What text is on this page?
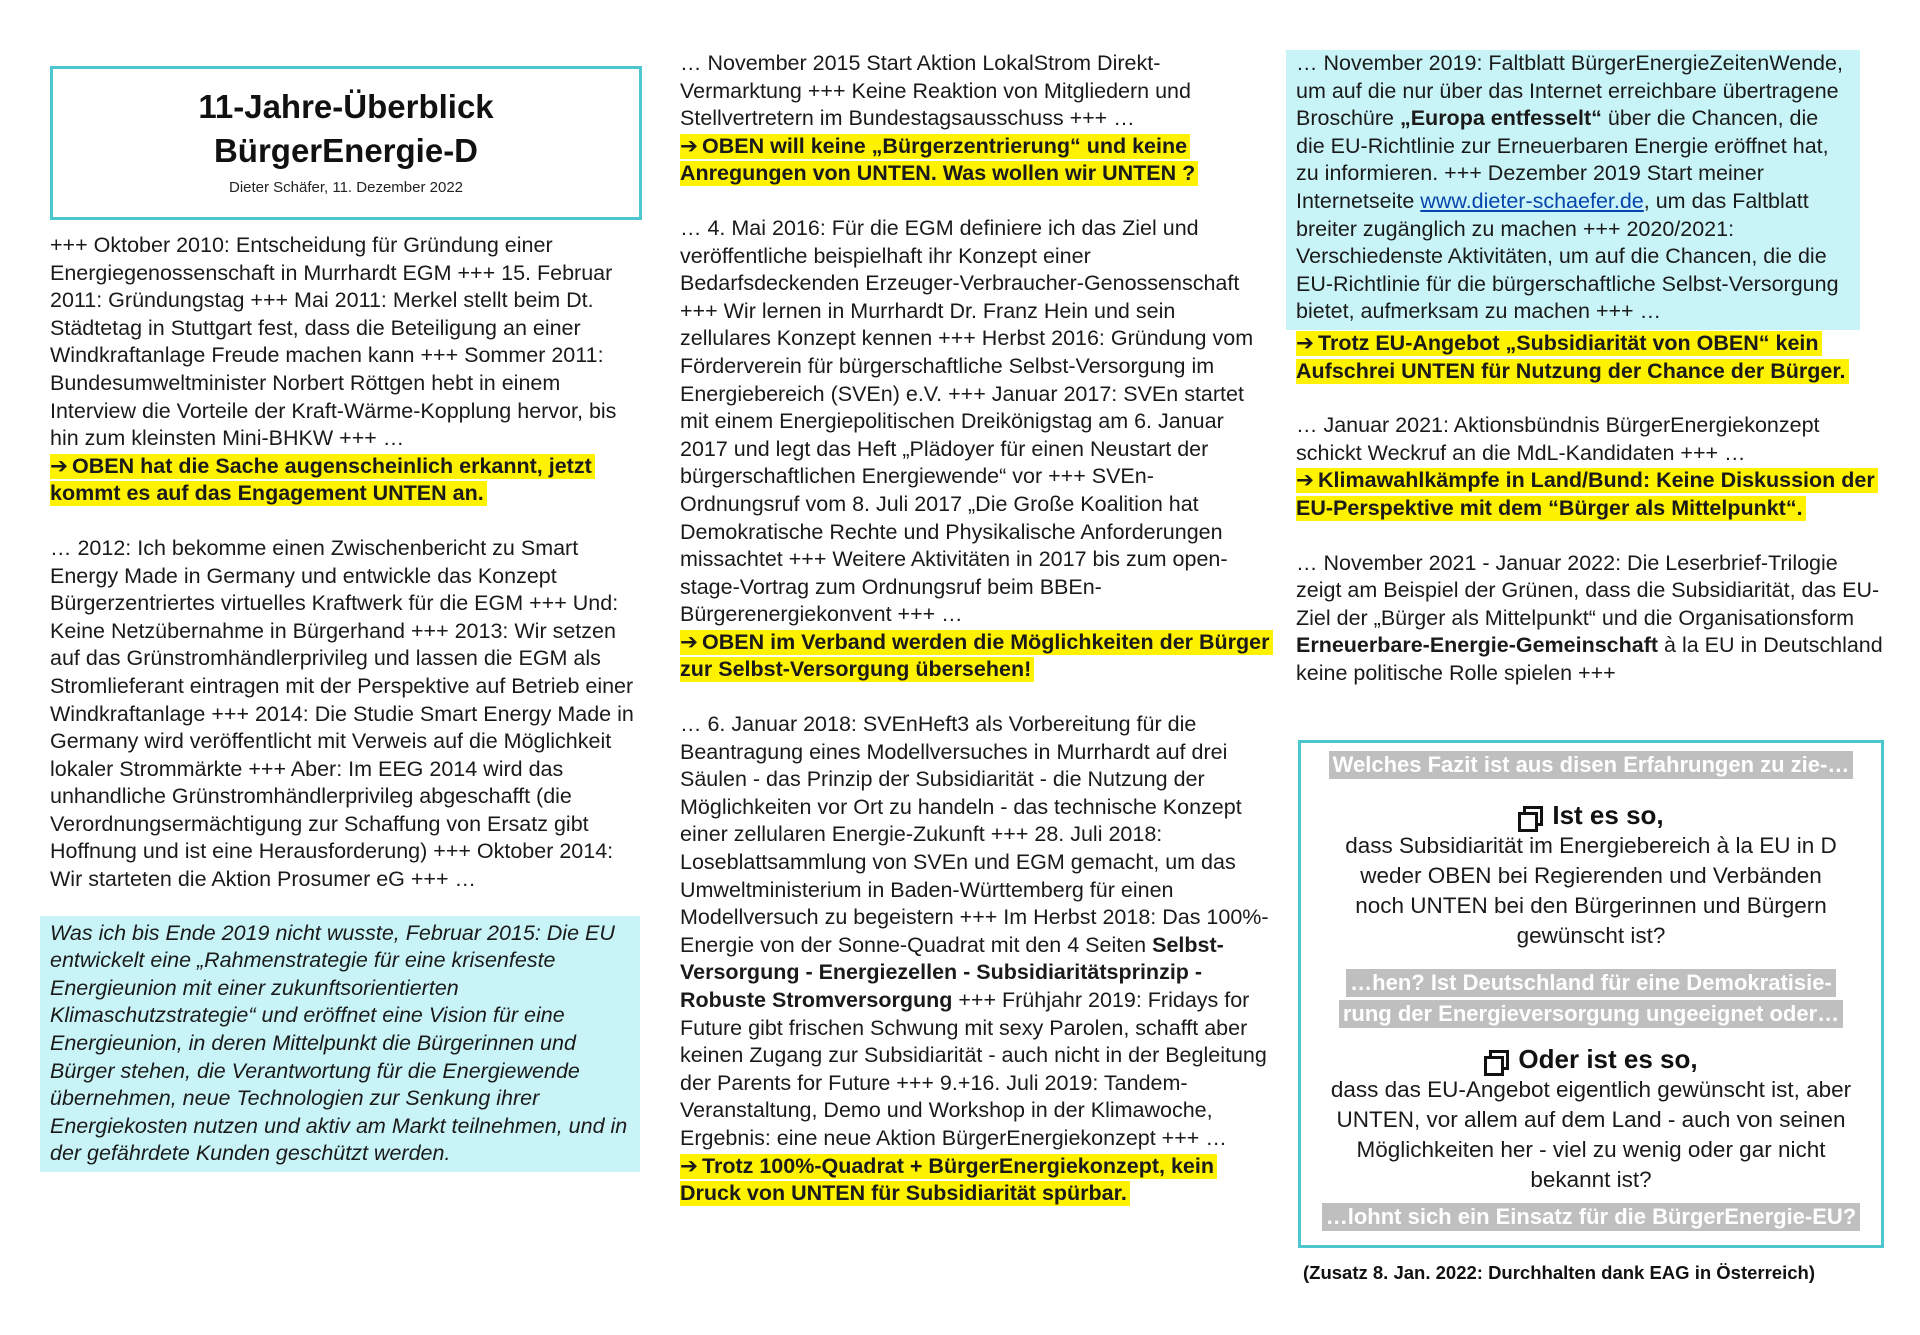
11-Jahre-Überblick
BürgerEnergie-D
Dieter Schäfer, 11. Dezember 2022

+++ Oktober 2010: Entscheidung für Gründung einer Energiegenossenschaft in Murrhardt EGM +++ 15. Februar 2011: Gründungstag +++ Mai 2011: Merkel stellt beim Dt. Städtetag in Stuttgart fest, dass die Beteiligung an einer Windkraftanlage Freude machen kann +++ Sommer 2011: Bundesumweltminister Norbert Röttgen hebt in einem Interview die Vorteile der Kraft-Wärme-Kopplung hervor, bis hin zum kleinsten Mini-BHKW +++ …

➔ OBEN hat die Sache augenscheinlich erkannt, jetzt kommt es auf das Engagement UNTEN an.

… 2012: Ich bekomme einen Zwischenbericht zu Smart Energy Made in Germany und entwickle das Konzept Bürgerzentriertes virtuelles Kraftwerk für die EGM +++ Und: Keine Netzübernahme in Bürgerhand +++ 2013: Wir setzen auf das Grünstromhändlerprivileg und lassen die EGM als Stromlieferant eintragen mit der Perspektive auf Betrieb einer Windkraftanlage +++ 2014: Die Studie Smart Energy Made in Germany wird veröffentlicht mit Verweis auf die Möglichkeit lokaler Strommärkte +++ Aber: Im EEG 2014 wird das unhandliche Grünstromhändlerprivileg abgeschafft (die Verordnungsermächtigung zur Schaffung von Ersatz gibt Hoffnung und ist eine Herausforderung) +++ Oktober 2014: Wir starteten die Aktion Prosumer eG +++ …

Was ich bis Ende 2019 nicht wusste, Februar 2015: Die EU entwickelt eine „Rahmenstrategie für eine krisenfeste Energieunion mit einer zukunftsorientierten Klimaschutzstrategie“ und eröffnet eine Vision für eine Energieunion, in deren Mittelpunkt die Bürgerinnen und Bürger stehen, die Verantwortung für die Energiewende übernehmen, neue Technologien zur Senkung ihrer Energiekosten nutzen und aktiv am Markt teilnehmen, und in der gefährdete Kunden geschützt werden.

… November 2015 Start Aktion LokalStrom Direkt-Vermarktung +++ Keine Reaktion von Mitgliedern und Stellvertretern im Bundestagsausschuss +++ …

➔ OBEN will keine „Bürgerzentrierung“ und keine Anregungen von UNTEN. Was wollen wir UNTEN ?

… 4. Mai 2016: Für die EGM definiere ich das Ziel und veröffentliche beispielhaft ihr Konzept einer Bedarfsdeckenden Erzeuger-Verbraucher-Genossenschaft +++ Wir lernen in Murrhardt Dr. Franz Hein und sein zellulares Konzept kennen +++ Herbst 2016: Gründung vom Förderverein für bürgerschaftliche Selbst-Versorgung im Energiebereich (SVEn) e.V. +++ Januar 2017: SVEn startet mit einem Energiepolitischen Dreikönigstag am 6. Januar 2017 und legt das Heft „Plädoyer für einen Neustart der bürgerschaftlichen Energiewende“ vor +++ SVEn-Ordnungsruf vom 8. Juli 2017 „Die Große Koalition hat Demokratische Rechte und Physikalische Anforderungen missachtet +++ Weitere Aktivitäten in 2017 bis zum open-stage-Vortrag zum Ordnungsruf beim BBEn-Bürgerenergiekonvent +++ …

➔ OBEN im Verband werden die Möglichkeiten der Bürger zur Selbst-Versorgung übersehen!

… 6. Januar 2018: SVEnHeft3 als Vorbereitung für die Beantragung eines Modellversuches in Murrhardt auf drei Säulen - das Prinzip der Subsidiarität - die Nutzung der Möglichkeiten vor Ort zu handeln - das technische Konzept einer zellularen Energie-Zukunft +++ 28. Juli 2018: Loseblattsammlung von SVEn und EGM gemacht, um das Umweltministerium in Baden-Württemberg für einen Modellversuch zu begeistern +++ Im Herbst 2018: Das 100%-Energie von der Sonne-Quadrat mit den 4 Seiten Selbst-Versorgung - Energiezellen - Subsidiaritätsprinzip - Robuste Stromversorgung +++ Frühjahr 2019: Fridays for Future gibt frischen Schwung mit sexy Parolen, schafft aber keinen Zugang zur Subsidiarität - auch nicht in der Begleitung der Parents for Future +++ 9.+16. Juli 2019: Tandem-Veranstaltung, Demo und Workshop in der Klimawoche, Ergebnis: eine neue Aktion BürgerEnergiekonzept +++ …

➔ Trotz 100%-Quadrat + BürgerEnergiekonzept, kein Druck von UNTEN für Subsidiarität spürbar.

… November 2019: Faltblatt BürgerEnergieZeitenWende, um auf die nur über das Internet erreichbare übertragene Broschüre „Europa entfesselt“ über die Chancen, die die EU-Richtlinie zur Erneuerbaren Energie eröffnet hat, zu informieren. +++ Dezember 2019 Start meiner Internetseite www.dieter-schaefer.de, um das Faltblatt breiter zugänglich zu machen +++ 2020/2021: Verschiedenste Aktivitäten, um auf die Chancen, die die EU-Richtlinie für die bürgerschaftliche Selbst-Versorgung bietet, aufmerksam zu machen +++ …

➔ Trotz EU-Angebot „Subsidiarität von OBEN“ kein Aufschrei UNTEN für Nutzung der Chance der Bürger.

… Januar 2021: Aktionsbündnis BürgerEnergiekonzept schickt Weckruf an die MdL-Kandidaten +++ …

➔ Klimawahlkämpfe in Land/Bund: Keine Diskussion der EU-Perspektive mit dem “Bürger als Mittelpunkt“.

… November 2021 - Januar 2022: Die Leserbrief-Trilogie zeigt am Beispiel der Grünen, dass die Subsidiarität, das EU-Ziel der „Bürger als Mittelpunkt“ und die Organisationsform Erneuerbare-Energie-Gemeinschaft à la EU in Deutschland keine politische Rolle spielen +++

Welches Fazit ist aus disen Erfahrungen zu zie-…
Ist es so,
dass Subsidiarität im Energiebereich à la EU in D weder OBEN bei Regierenden und Verbänden noch UNTEN bei den Bürgerinnen und Bürgern gewünscht ist?
…hen? Ist Deutschland für eine Demokratisie-
rung der Energieversorgung ungeeignet oder…
Oder ist es so,
dass das EU-Angebot eigentlich gewünscht ist, aber UNTEN, vor allem auf dem Land - auch von seinen Möglichkeiten her - viel zu wenig oder gar nicht bekannt ist?
…lohnt sich ein Einsatz für die BürgerEnergie-EU?
(Zusatz 8. Jan. 2022: Durchhalten dank EAG in Österreich)
